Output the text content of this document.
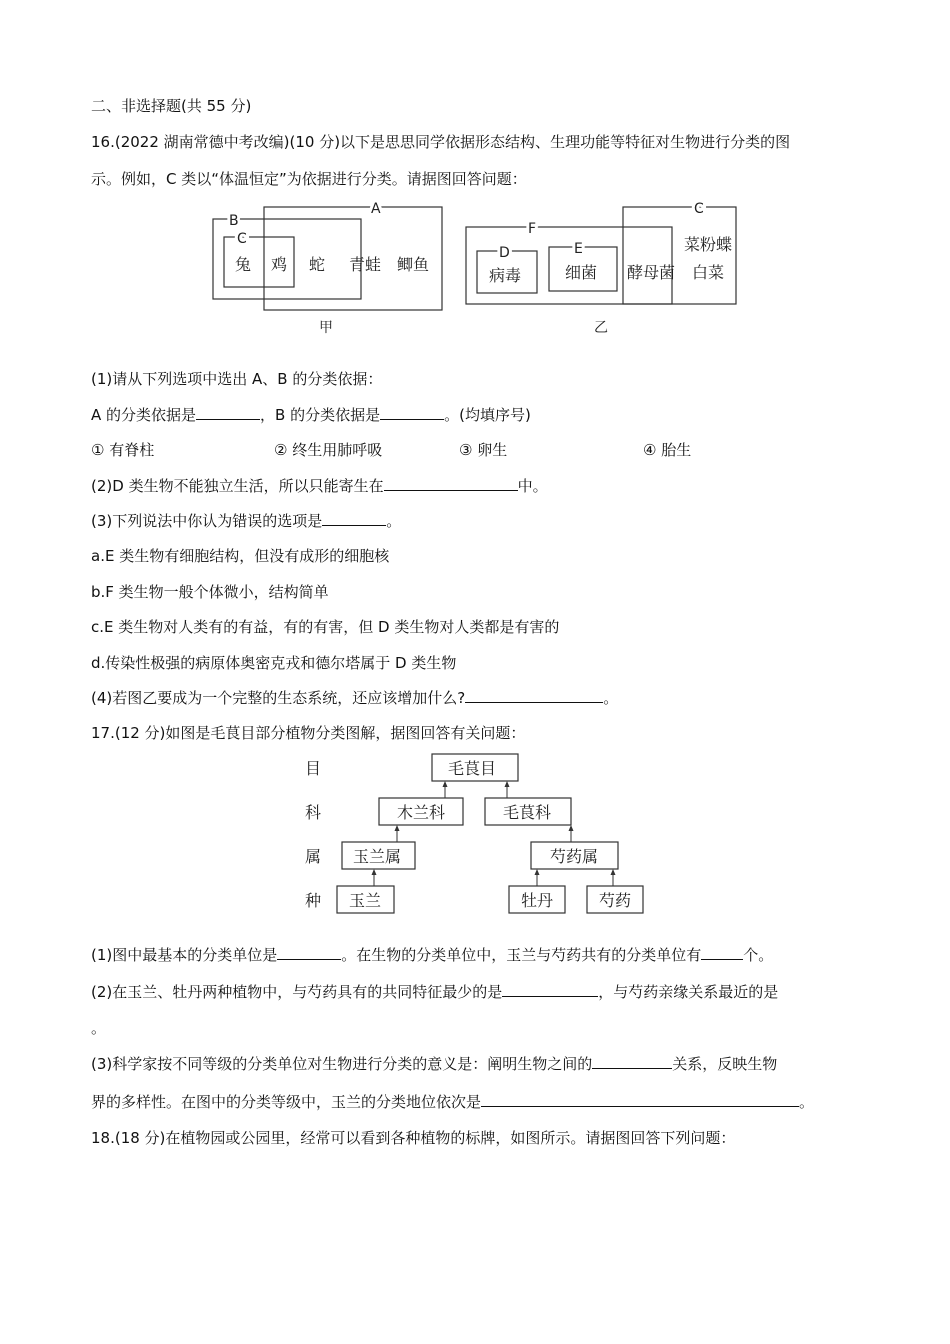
二、非选择题(共 55 分)
16.(2022 湖南常德中考改编)(10 分)以下是思思同学依据形态结构、生理功能等特征对生物进行分类的图
示。例如，C 类以“体温恒定”为依据进行分类。请据图回答问题：
A
B
C
兔 鸡 蛇 青蛙 鲫鱼
甲
F
C
D
病毒
E
细菌 酵母菌
菜粉蝶
白菜
乙
(1)请从下列选项中选出 A、B 的分类依据：
A 的分类依据是	，B 的分类依据是	。(均填序号)
① 有脊柱	② 终生用肺呼吸	③ 卵生	④ 胎生
(2)D 类生物不能独立生活，所以只能寄生在	中。
(3)下列说法中你认为错误的选项是	。
a.E 类生物有细胞结构，但没有成形的细胞核
b.F 类生物一般个体微小，结构简单
c.E 类生物对人类有的有益，有的有害，但 D 类生物对人类都是有害的
d.传染性极强的病原体奥密克戎和德尔塔属于 D 类生物
(4)若图乙要成为一个完整的生态系统，还应该增加什么?	。
17.(12 分)如图是毛茛目部分植物分类图解，据图回答有关问题：
目
科
属
种
毛茛目
木兰科	毛茛科
玉兰属	芍药属
玉兰	牡丹	芍药
(1)图中最基本的分类单位是	。在生物的分类单位中，玉兰与芍药共有的分类单位有	个。
(2)在玉兰、牡丹两种植物中，与芍药具有的共同特征最少的是	，与芍药亲缘关系最近的是
。
(3)科学家按不同等级的分类单位对生物进行分类的意义是：阐明生物之间的	关系，反映生物
界的多样性。在图中的分类等级中，玉兰的分类地位依次是	。
18.(18 分)在植物园或公园里，经常可以看到各种植物的标牌，如图所示。请据图回答下列问题：
